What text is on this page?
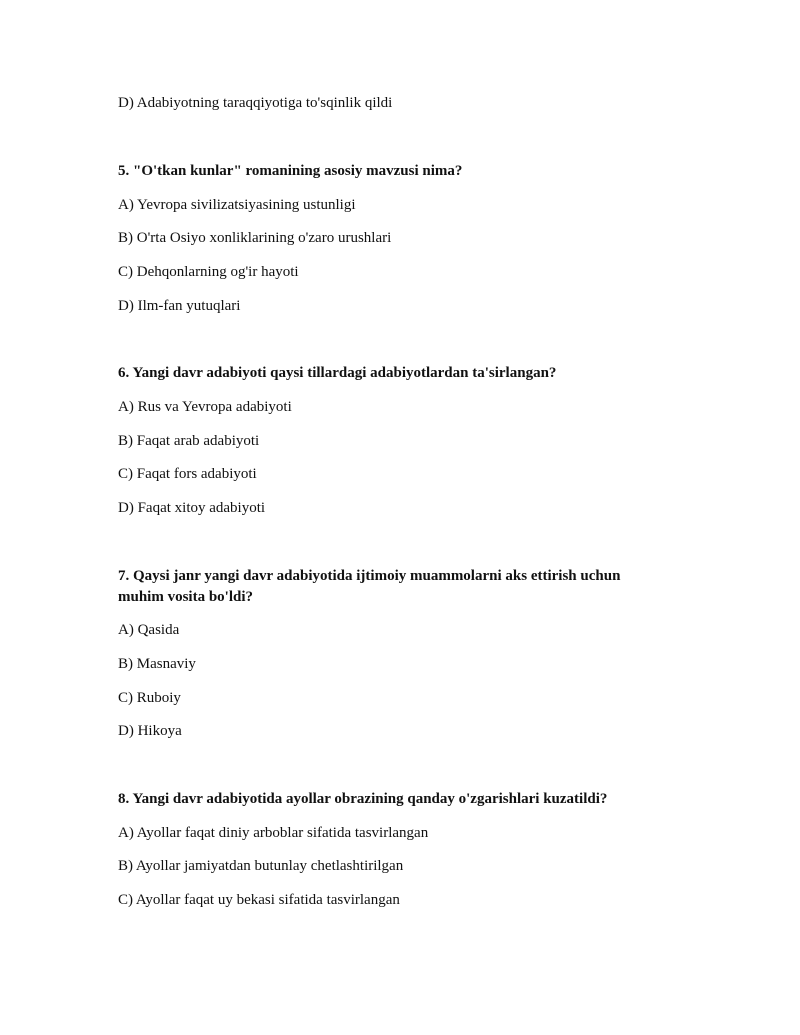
D) Adabiyotning taraqqiyotiga to'sqinlik qildi
5. "O'tkan kunlar" romanining asosiy mavzusi nima?
A) Yevropa sivilizatsiyasining ustunligi
B) O'rta Osiyo xonliklarining o'zaro urushlari
C) Dehqonlarning og'ir hayoti
D) Ilm-fan yutuqlari
6. Yangi davr adabiyoti qaysi tillardagi adabiyotlardan ta'sirlangan?
A) Rus va Yevropa adabiyoti
B) Faqat arab adabiyoti
C) Faqat fors adabiyoti
D) Faqat xitoy adabiyoti
7. Qaysi janr yangi davr adabiyotida ijtimoiy muammolarni aks ettirish uchun
muhim vosita bo'ldi?
A) Qasida
B) Masnaviy
C) Ruboiy
D) Hikoya
8. Yangi davr adabiyotida ayollar obrazining qanday o'zgarishlari kuzatildi?
A) Ayollar faqat diniy arboblar sifatida tasvirlangan
B) Ayollar jamiyatdan butunlay chetlashtirilgan
C) Ayollar faqat uy bekasi sifatida tasvirlangan
